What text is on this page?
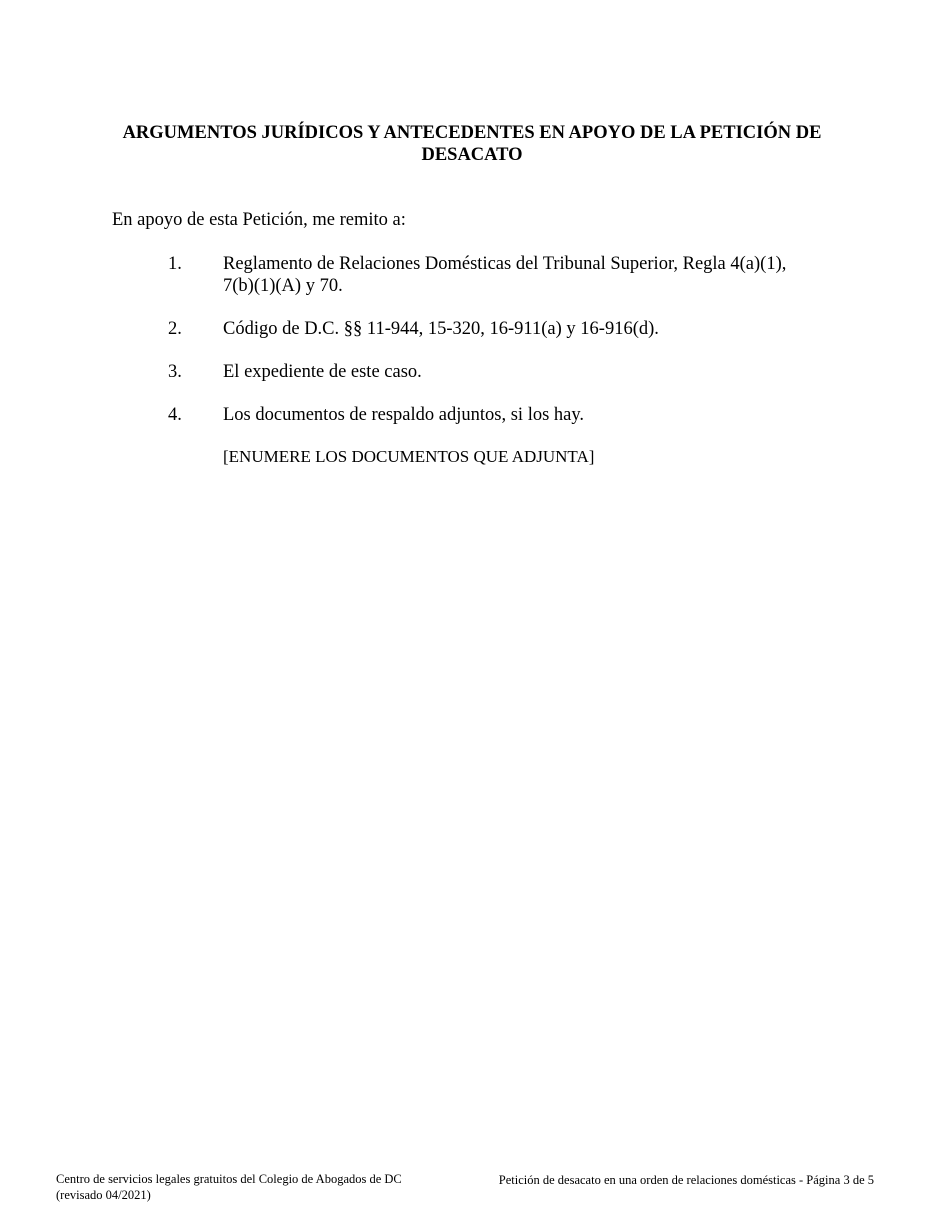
ARGUMENTOS JURÍDICOS Y ANTECEDENTES EN APOYO DE LA PETICIÓN DE
DESACATO
En apoyo de esta Petición, me remito a:
1.	Reglamento de Relaciones Domésticas del Tribunal Superior, Regla 4(a)(1),
7(b)(1)(A) y 70.
2.	Código de D.C. §§ 11-944, 15-320, 16-911(a) y 16-916(d).
3.	El expediente de este caso.
4.	Los documentos de respaldo adjuntos, si los hay.
[ENUMERE LOS DOCUMENTOS QUE ADJUNTA]
Centro de servicios legales gratuitos del Colegio de Abogados de DC
(revisado 04/2021)
Petición de desacato en una orden de relaciones domésticas - Página 3 de 5
